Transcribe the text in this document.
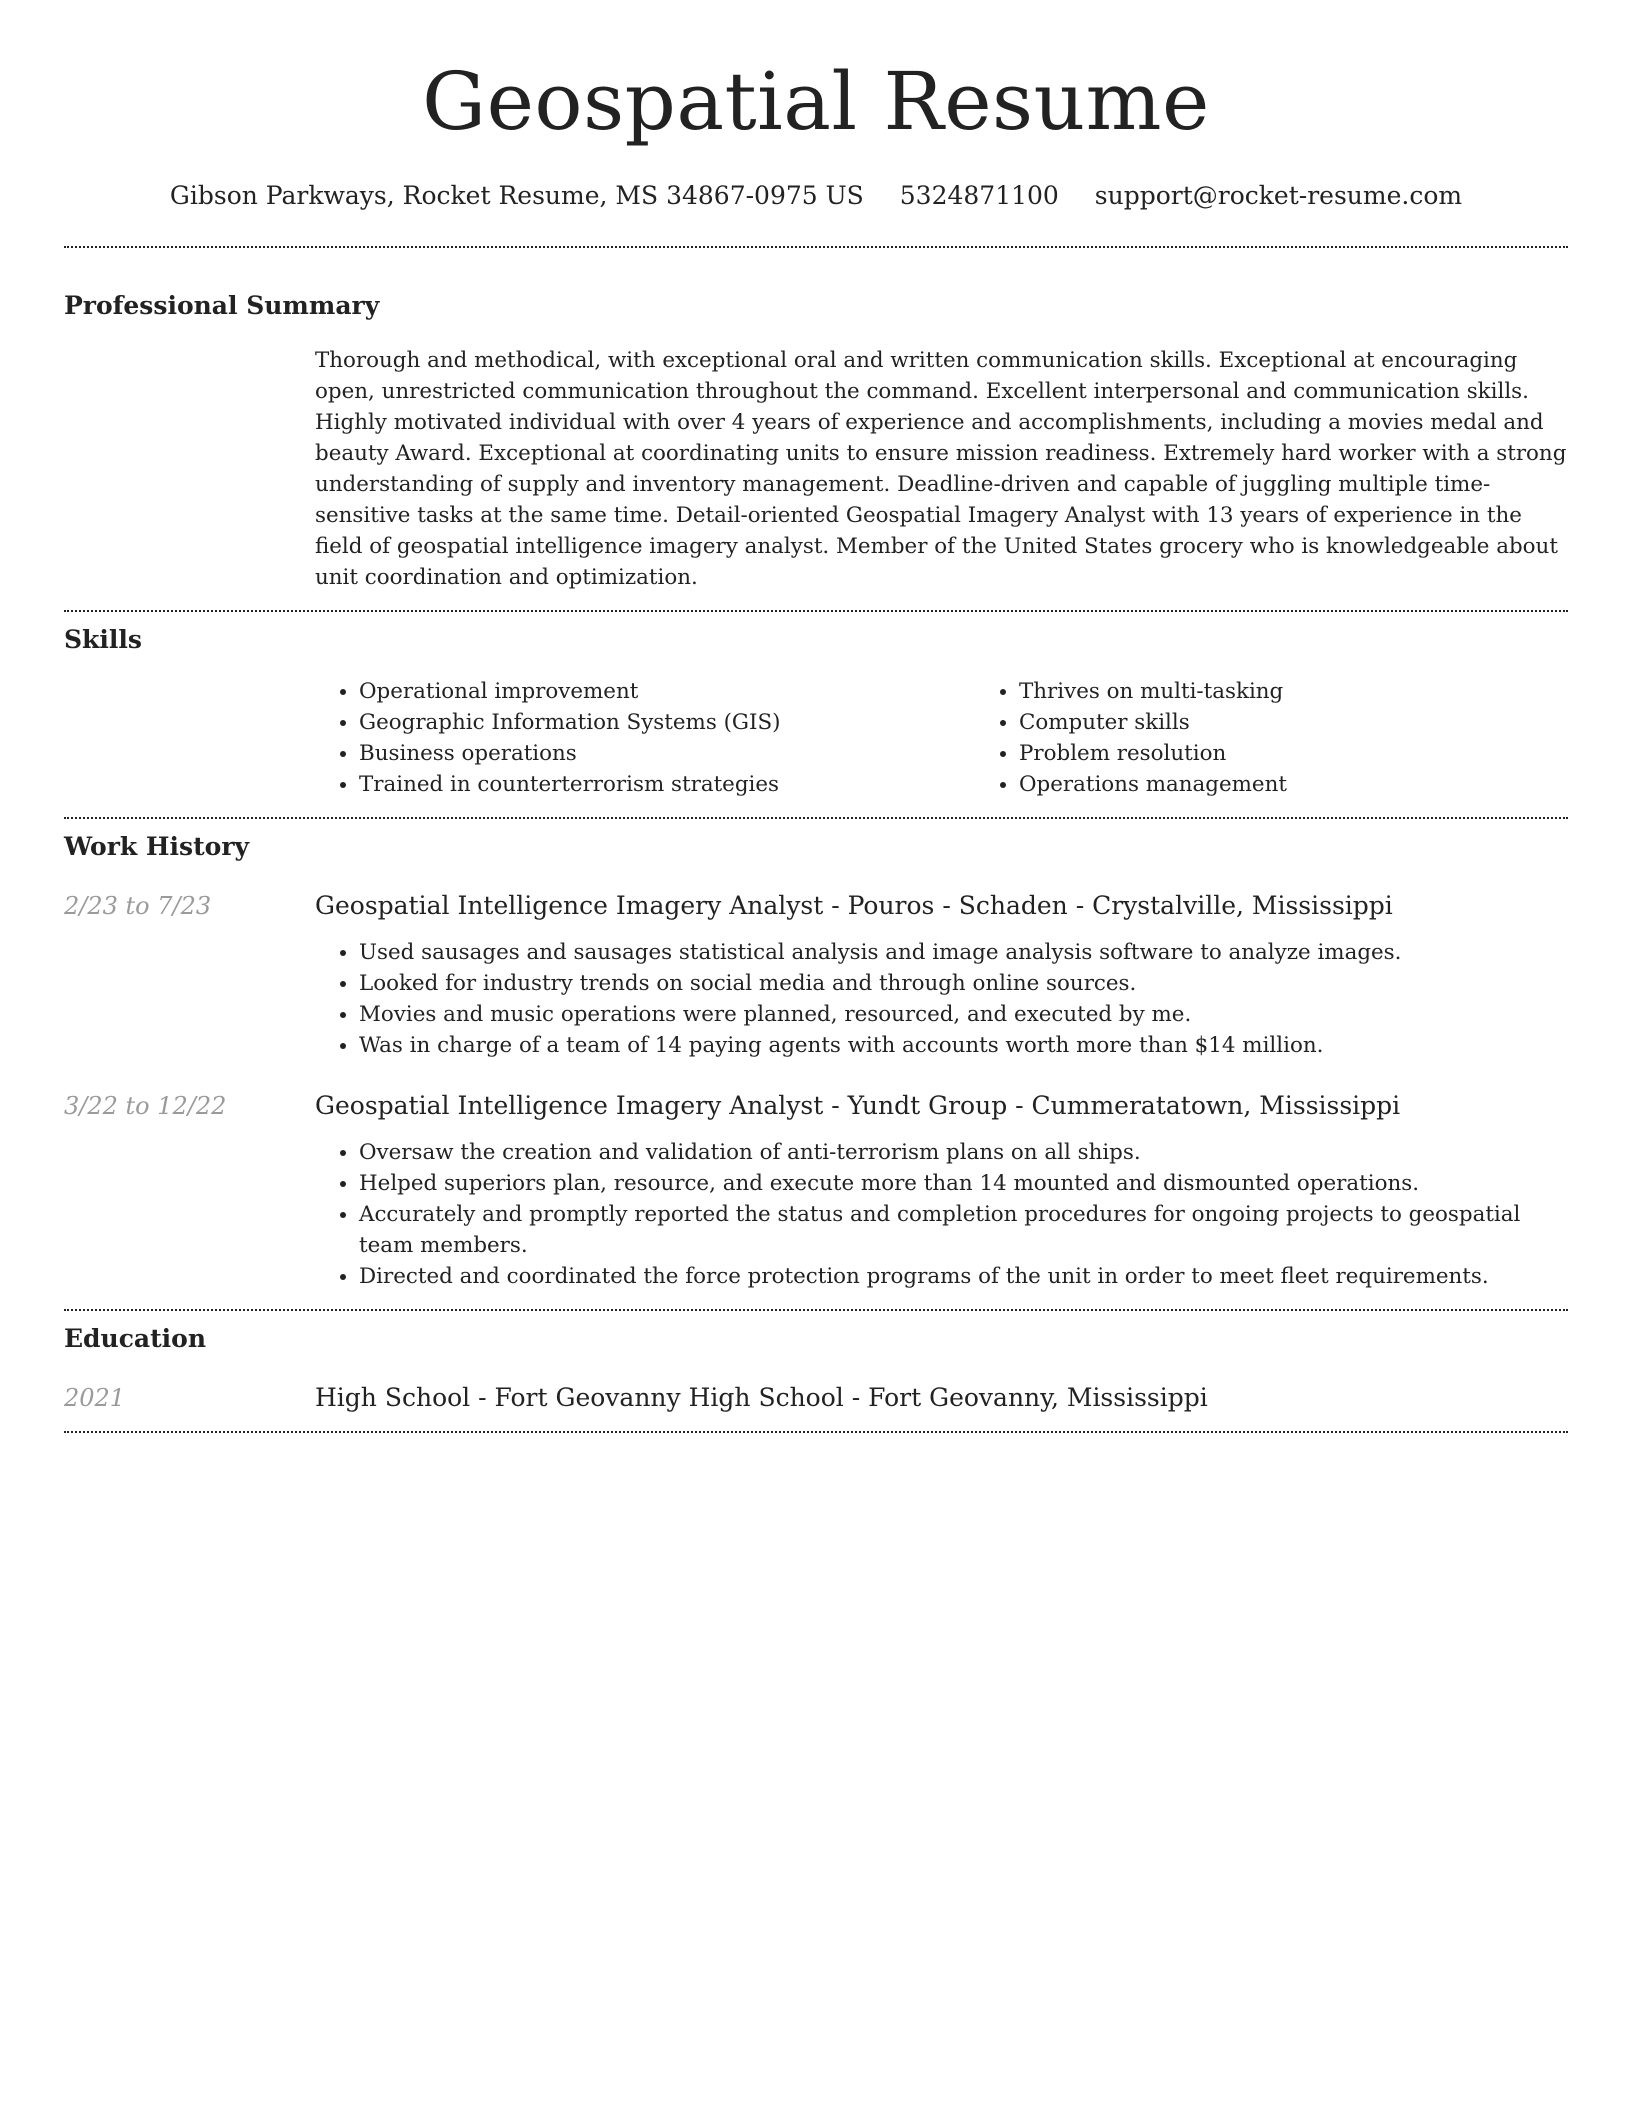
Geospatial Resume
Gibson Parkways, Rocket Resume, MS 34867-0975 US 5324871100 support@rocket-resume.com
Professional Summary

Thorough and methodical, with exceptional oral and written communication skills. Exceptional at encouraging open, unrestricted communication throughout the command. Excellent interpersonal and communication skills. Highly motivated individual with over 4 years of experience and accomplishments, including a movies medal and beauty Award. Exceptional at coordinating units to ensure mission readiness. Extremely hard worker with a strong understanding of supply and inventory management. Deadline-driven and capable of juggling multiple time-sensitive tasks at the same time. Detail-oriented Geospatial Imagery Analyst with 13 years of experience in the field of geospatial intelligence imagery analyst. Member of the United States grocery who is knowledgeable about unit coordination and optimization.

Skills
• Operational improvement
• Geographic Information Systems (GIS)
• Business operations
• Trained in counterterrorism strategies
• Thrives on multi-tasking
• Computer skills
• Problem resolution
• Operations management
Work History
2/23 to 7/23	Geospatial Intelligence Imagery Analyst - Pouros - Schaden - Crystalville, Mississippi
• Used sausages and sausages statistical analysis and image analysis software to analyze images.
• Looked for industry trends on social media and through online sources.
• Movies and music operations were planned, resourced, and executed by me.
• Was in charge of a team of 14 paying agents with accounts worth more than $14 million.
3/22 to 12/22	Geospatial Intelligence Imagery Analyst - Yundt Group - Cummeratatown, Mississippi
• Oversaw the creation and validation of anti-terrorism plans on all ships.
• Helped superiors plan, resource, and execute more than 14 mounted and dismounted operations.
• Accurately and promptly reported the status and completion procedures for ongoing projects to geospatial team members.
• Directed and coordinated the force protection programs of the unit in order to meet fleet requirements.
Education
2021	High School - Fort Geovanny High School - Fort Geovanny, Mississippi
